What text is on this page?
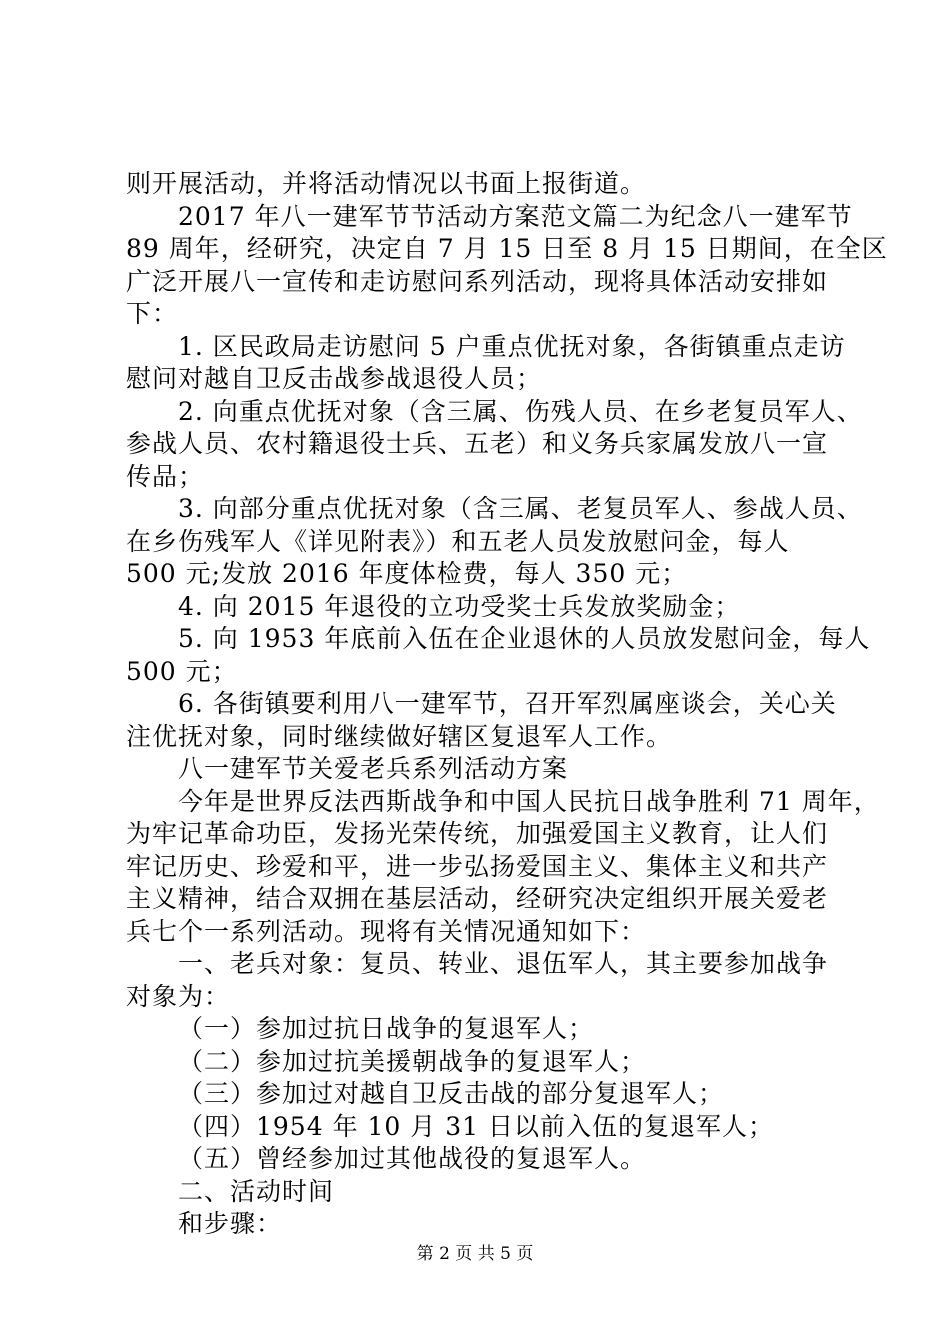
则开展活动，并将活动情况以书面上报街道。
2017 年八一建军节节活动方案范文篇二为纪念八一建军节
89 周年，经研究，决定自 7 月 15 日至 8 月 15 日期间，在全区
广泛开展八一宣传和走访慰问系列活动，现将具体活动安排如
下：
1. 区民政局走访慰问 5 户重点优抚对象，各街镇重点走访
慰问对越自卫反击战参战退役人员；
2. 向重点优抚对象（含三属、伤残人员、在乡老复员军人、
参战人员、农村籍退役士兵、五老）和义务兵家属发放八一宣
传品；
3. 向部分重点优抚对象（含三属、老复员军人、参战人员、
在乡伤残军人《详见附表》）和五老人员发放慰问金，每人
500 元;发放 2016 年度体检费，每人 350 元；
4. 向 2015 年退役的立功受奖士兵发放奖励金；
5. 向 1953 年底前入伍在企业退休的人员放发慰问金，每人
500 元；
6. 各街镇要利用八一建军节，召开军烈属座谈会，关心关
注优抚对象，同时继续做好辖区复退军人工作。
八一建军节关爱老兵系列活动方案
今年是世界反法西斯战争和中国人民抗日战争胜利 71 周年，
为牢记革命功臣，发扬光荣传统，加强爱国主义教育，让人们
牢记历史、珍爱和平，进一步弘扬爱国主义、集体主义和共产
主义精神，结合双拥在基层活动，经研究决定组织开展关爱老
兵七个一系列活动。现将有关情况通知如下：
一、老兵对象：复员、转业、退伍军人，其主要参加战争
对象为：
（一）参加过抗日战争的复退军人；
（二）参加过抗美援朝战争的复退军人；
（三）参加过对越自卫反击战的部分复退军人；
（四）1954 年 10 月 31 日以前入伍的复退军人；
（五）曾经参加过其他战役的复退军人。
二、活动时间
和步骤：
第 2 页 共 5 页
